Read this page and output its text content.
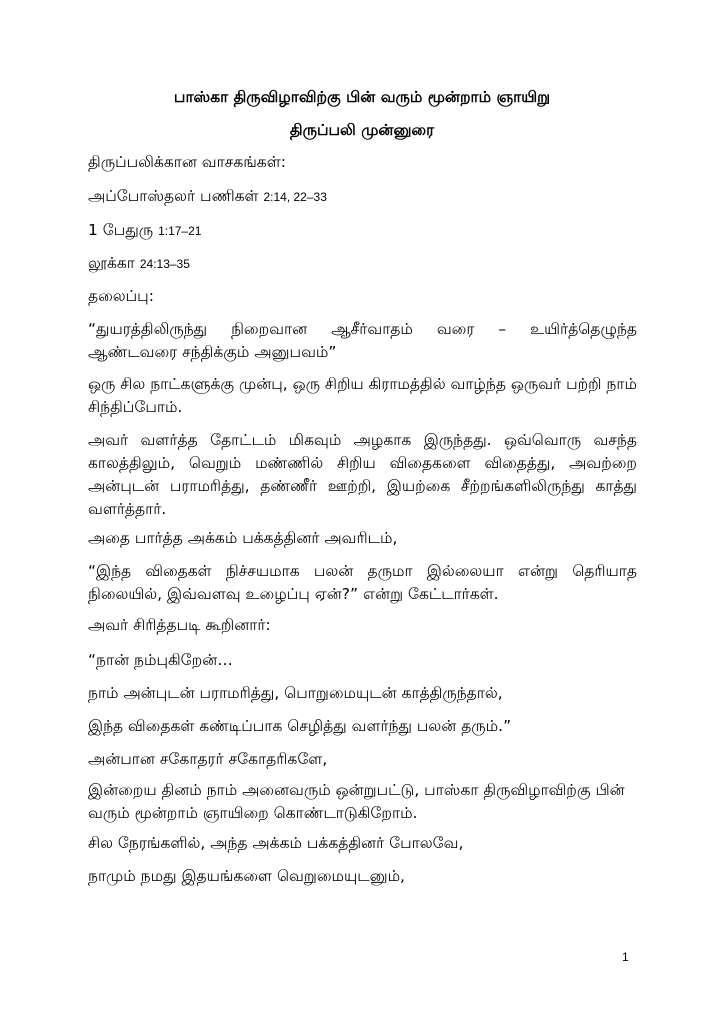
பாஸ்கா திருவிழாவிற்கு பின் வரும் மூன்றாம் ஞாயிறு
திருப்பலி முன்னுரை
திருப்பலிக்கான வாசகங்கள்:
அப்போஸ்தலர் பணிகள் 2:14, 22–33
1 பேதுரு 1:17–21
லூக்கா 24:13–35
தலைப்பு:
“துயரத்திலிருந்து நிறைவான ஆசீர்வாதம் வரை – உயிர்த்தெழுந்த
ஆண்டவரை சந்திக்கும் அனுபவம்”
ஒரு சில நாட்களுக்கு முன்பு, ஒரு சிறிய கிராமத்தில் வாழ்ந்த ஒருவர் பற்றி நாம்
சிந்திப்போம்.
அவர் வளர்த்த தோட்டம் மிகவும் அழகாக இருந்தது. ஒவ்வொரு வசந்த
காலத்திலும், வெறும் மண்ணில் சிறிய விதைகளை விதைத்து, அவற்றை
அன்புடன் பராமரித்து, தண்ணீர் ஊற்றி, இயற்கை சீற்றங்களிலிருந்து காத்து
வளர்த்தார்.
அதை பார்த்த அக்கம் பக்கத்தினர் அவரிடம்,
“இந்த விதைகள் நிச்சயமாக பலன் தருமா இல்லையா என்று தெரியாத
நிலையில், இவ்வளவு உழைப்பு ஏன்?” என்று கேட்டார்கள்.
அவர் சிரித்தபடி கூறினார்:
“நான் நம்புகிறேன்…
நாம் அன்புடன் பராமரித்து, பொறுமையுடன் காத்திருந்தால்,
இந்த விதைகள் கண்டிப்பாக செழித்து வளர்ந்து பலன் தரும்.”
அன்பான சகோதரர் சகோதரிகளே,
இன்றைய தினம் நாம் அனைவரும் ஒன்றுபட்டு, பாஸ்கா திருவிழாவிற்கு பின்
வரும் மூன்றாம் ஞாயிறை கொண்டாடுகிறோம்.
சில நேரங்களில், அந்த அக்கம் பக்கத்தினர் போலவே,
நாமும் நமது இதயங்களை வெறுமையுடனும்,
1
